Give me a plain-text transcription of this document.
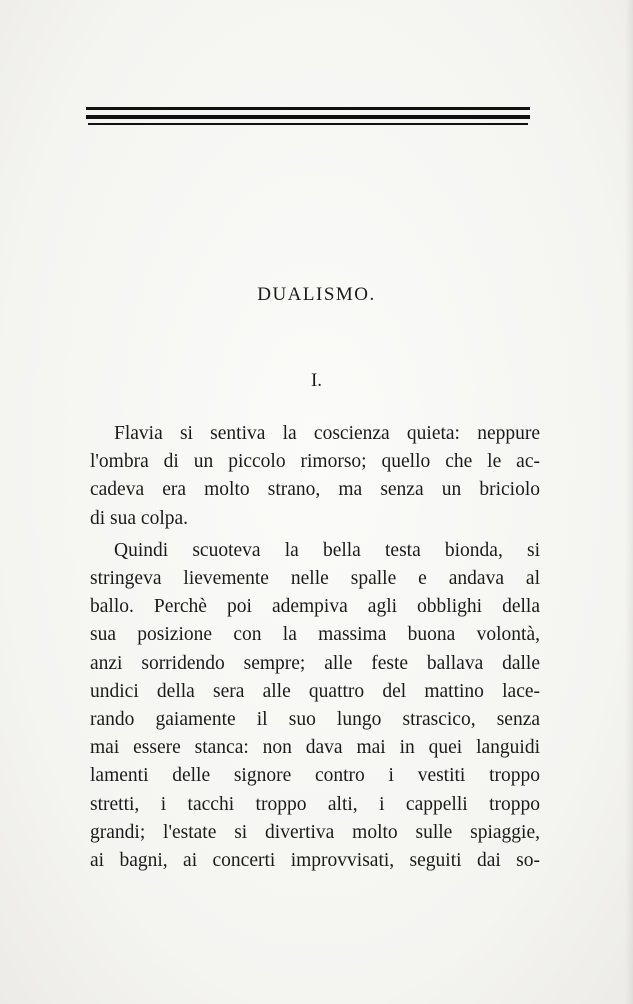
DUALISMO.
I.
Flavia si sentiva la coscienza quieta: neppure
l'ombra di un piccolo rimorso; quello che le ac-
cadeva era molto strano, ma senza un briciolo
di sua colpa.
Quindi scuoteva la bella testa bionda, si
stringeva lievemente nelle spalle e andava al
ballo. Perchè poi adempiva agli obblighi della
sua posizione con la massima buona volontà,
anzi sorridendo sempre; alle feste ballava dalle
undici della sera alle quattro del mattino lace-
rando gaiamente il suo lungo strascico, senza
mai essere stanca: non dava mai in quei languidi
lamenti delle signore contro i vestiti troppo
stretti, i tacchi troppo alti, i cappelli troppo
grandi; l'estate si divertiva molto sulle spiaggie,
ai bagni, ai concerti improvvisati, seguiti dai so-
